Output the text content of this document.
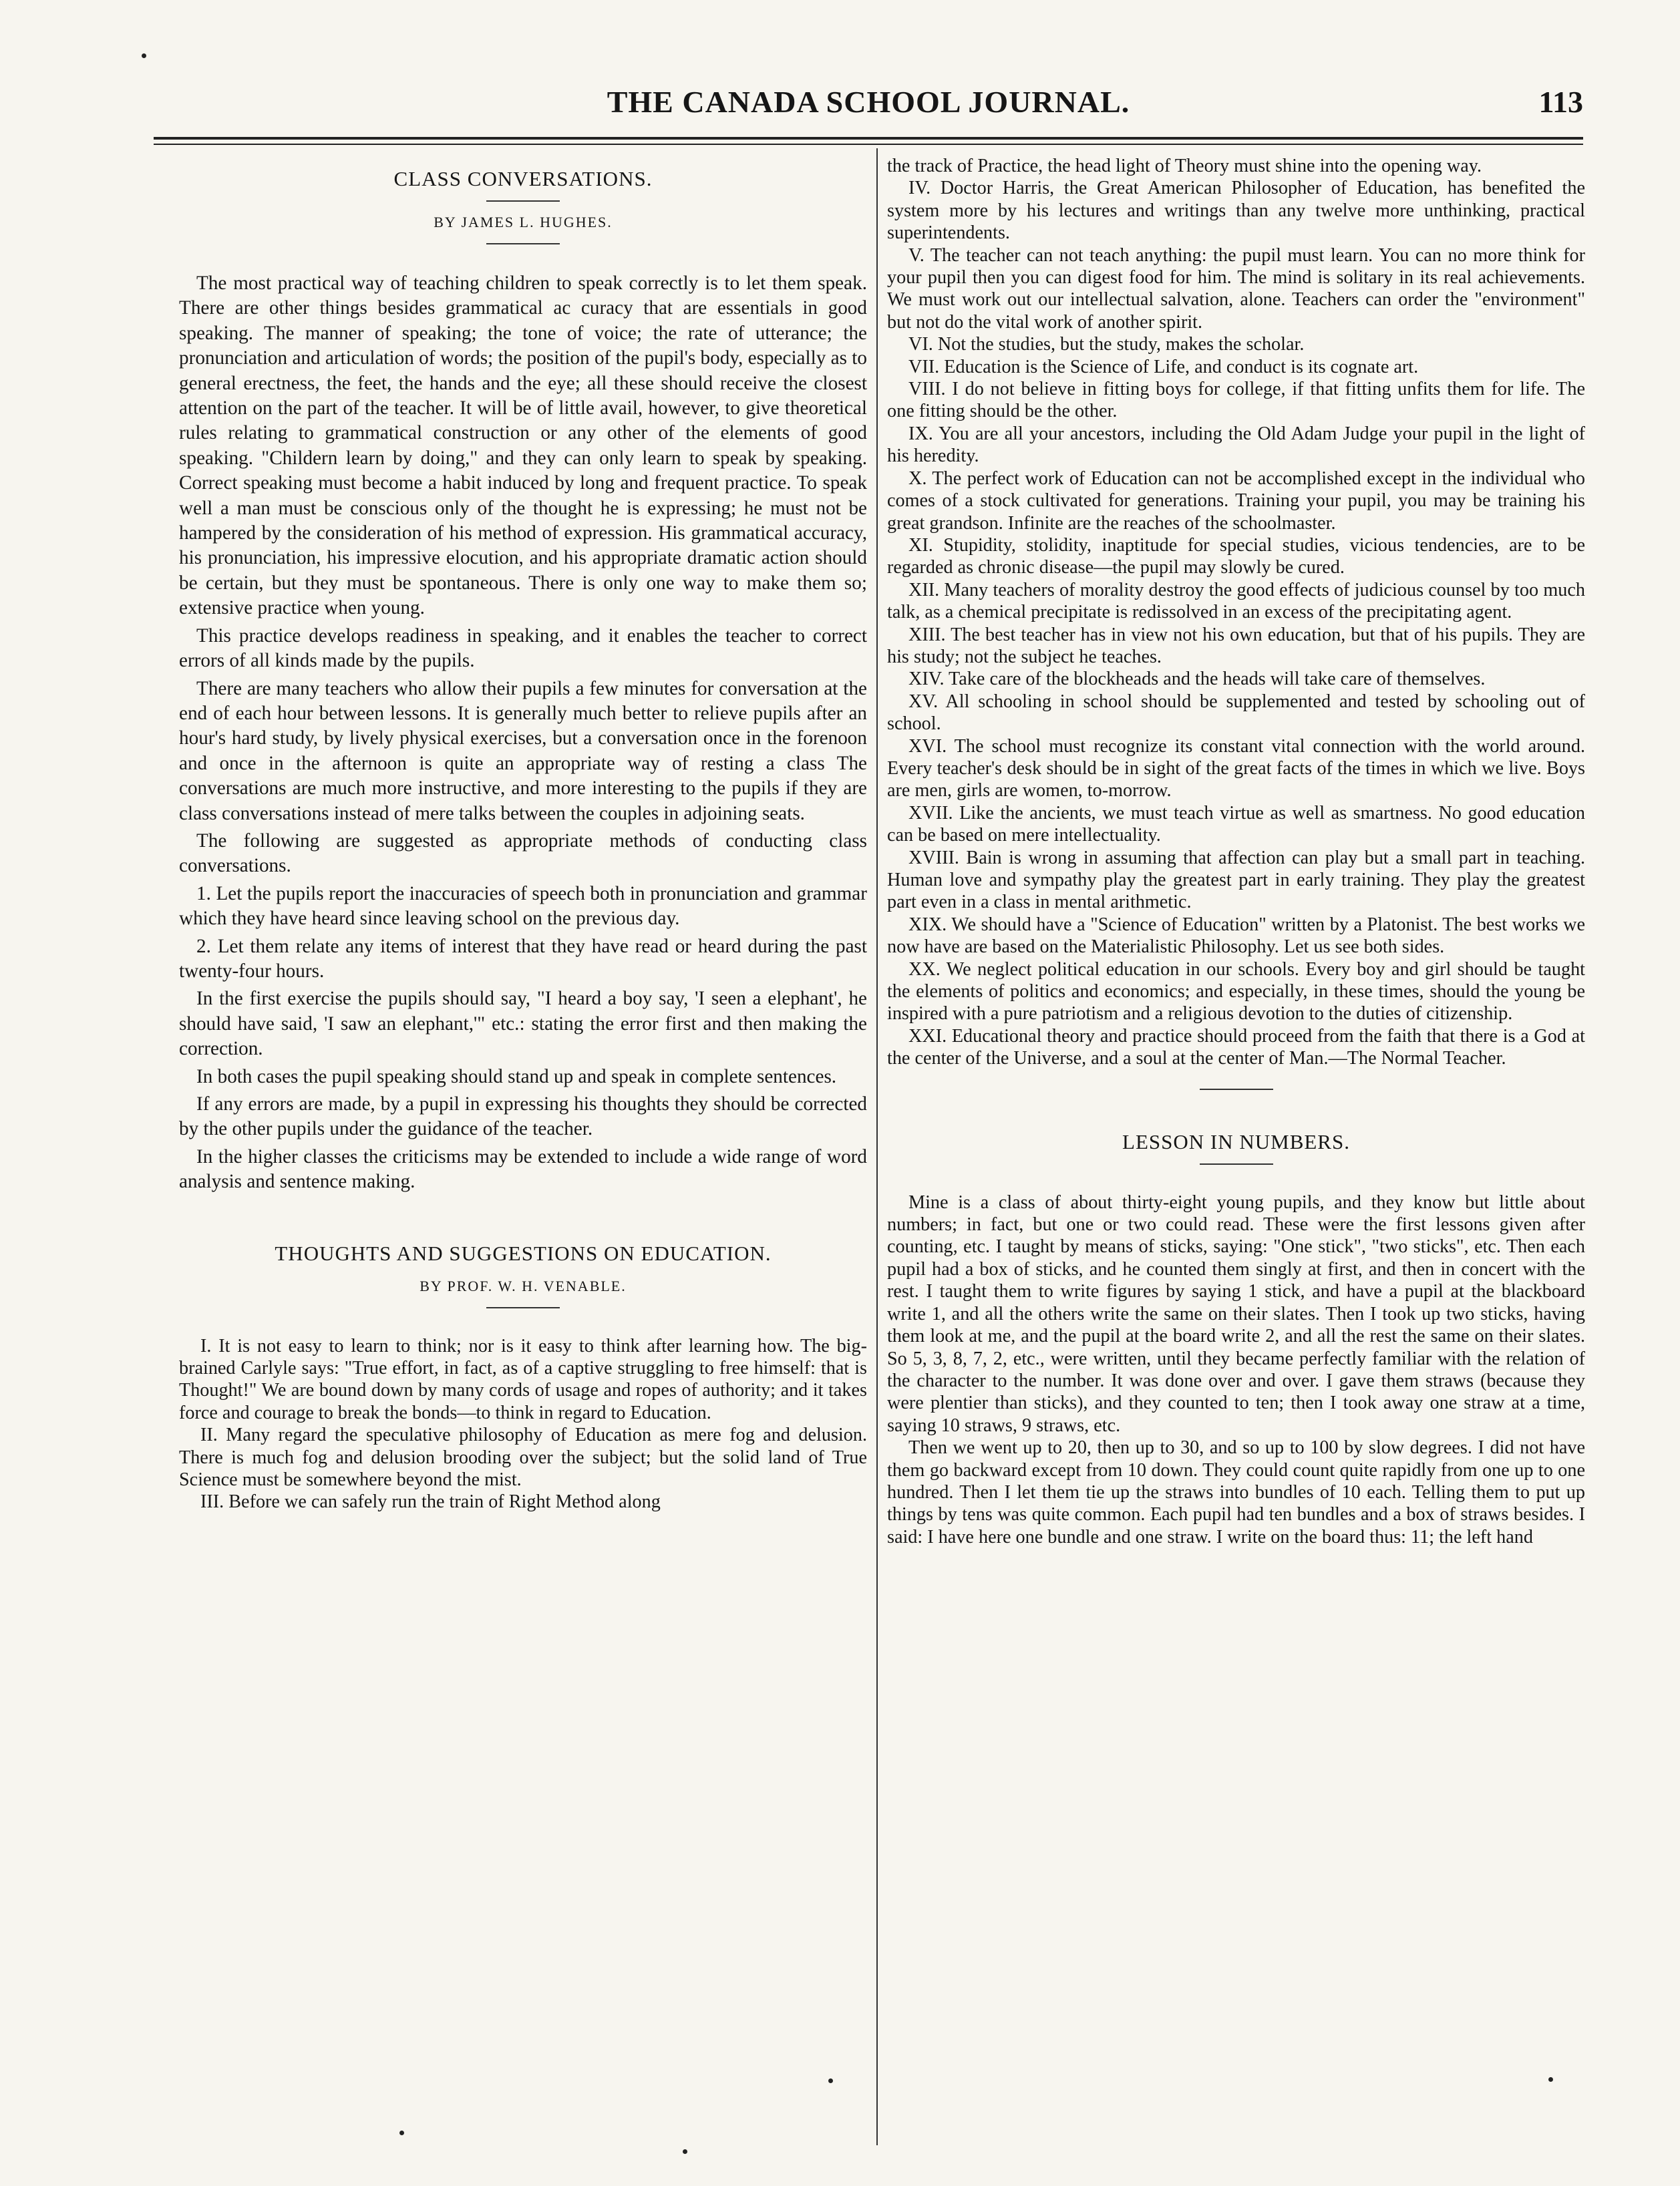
THE CANADA SCHOOL JOURNAL.	113
CLASS CONVERSATIONS.
BY JAMES L. HUGHES.

The most practical way of teaching children to speak correctly is to let them speak. There are other things besides grammatical ac curacy that are essentials in good speaking. The manner of speaking; the tone of voice; the rate of utterance; the pronunciation and articulation of words; the position of the pupil's body, especially as to general erectness, the feet, the hands and the eye; all these should receive the closest attention on the part of the teacher. It will be of little avail, however, to give theoretical rules relating to grammatical construction or any other of the elements of good speaking. "Childern learn by doing," and they can only learn to speak by speaking. Correct speaking must become a habit induced by long and frequent practice. To speak well a man must be conscious only of the thought he is expressing; he must not be hampered by the consideration of his method of expression. His grammatical accuracy, his pronunciation, his impressive elocution, and his appropriate dramatic action should be certain, but they must be spontaneous. There is only one way to make them so; extensive practice when young.

This practice develops readiness in speaking, and it enables the teacher to correct errors of all kinds made by the pupils.

There are many teachers who allow their pupils a few minutes for conversation at the end of each hour between lessons. It is generally much better to relieve pupils after an hour's hard study, by lively physical exercises, but a conversation once in the forenoon and once in the afternoon is quite an appropriate way of resting a class The conversations are much more instructive, and more interesting to the pupils if they are class conversations instead of mere talks between the couples in adjoining seats.

The following are suggested as appropriate methods of conducting class conversations.

1. Let the pupils report the inaccuracies of speech both in pronunciation and grammar which they have heard since leaving school on the previous day.

2. Let them relate any items of interest that they have read or heard during the past twenty-four hours.

In the first exercise the pupils should say, "I heard a boy say, 'I seen a elephant', he should have said, 'I saw an elephant,'" etc.: stating the error first and then making the correction.

In both cases the pupil speaking should stand up and speak in complete sentences.

If any errors are made, by a pupil in expressing his thoughts they should be corrected by the other pupils under the guidance of the teacher.

In the higher classes the criticisms may be extended to include a wide range of word analysis and sentence making.

THOUGHTS AND SUGGESTIONS ON EDUCATION.
BY PROF. W. H. VENABLE.

I. It is not easy to learn to think; nor is it easy to think after learning how. The big-brained Carlyle says: "True effort, in fact, as of a captive struggling to free himself: that is Thought!" We are bound down by many cords of usage and ropes of authority; and it takes force and courage to break the bonds—to think in regard to Education.

II. Many regard the speculative philosophy of Education as mere fog and delusion. There is much fog and delusion brooding over the subject; but the solid land of True Science must be somewhere beyond the mist.

III. Before we can safely run the train of Right Method along

the track of Practice, the head light of Theory must shine into the opening way.

IV. Doctor Harris, the Great American Philosopher of Education, has benefited the system more by his lectures and writings than any twelve more unthinking, practical superintendents.

V. The teacher can not teach anything: the pupil must learn. You can no more think for your pupil then you can digest food for him. The mind is solitary in its real achievements. We must work out our intellectual salvation, alone. Teachers can order the "environment" but not do the vital work of another spirit.

VI. Not the studies, but the study, makes the scholar.

VII. Education is the Science of Life, and conduct is its cognate art.

VIII. I do not believe in fitting boys for college, if that fitting unfits them for life. The one fitting should be the other.

IX. You are all your ancestors, including the Old Adam Judge your pupil in the light of his heredity.

X. The perfect work of Education can not be accomplished except in the individual who comes of a stock cultivated for generations. Training your pupil, you may be training his great grandson. Infinite are the reaches of the schoolmaster.

XI. Stupidity, stolidity, inaptitude for special studies, vicious tendencies, are to be regarded as chronic disease—the pupil may slowly be cured.

XII. Many teachers of morality destroy the good effects of judicious counsel by too much talk, as a chemical precipitate is redissolved in an excess of the precipitating agent.

XIII. The best teacher has in view not his own education, but that of his pupils. They are his study; not the subject he teaches.

XIV. Take care of the blockheads and the heads will take care of themselves.

XV. All schooling in school should be supplemented and tested by schooling out of school.

XVI. The school must recognize its constant vital connection with the world around. Every teacher's desk should be in sight of the great facts of the times in which we live. Boys are men, girls are women, to-morrow.

XVII. Like the ancients, we must teach virtue as well as smartness. No good education can be based on mere intellectuality.

XVIII. Bain is wrong in assuming that affection can play but a small part in teaching. Human love and sympathy play the greatest part in early training. They play the greatest part even in a class in mental arithmetic.

XIX. We should have a "Science of Education" written by a Platonist. The best works we now have are based on the Materialistic Philosophy. Let us see both sides.

XX. We neglect political education in our schools. Every boy and girl should be taught the elements of politics and economics; and especially, in these times, should the young be inspired with a pure patriotism and a religious devotion to the duties of citizenship.

XXI. Educational theory and practice should proceed from the faith that there is a God at the center of the Universe, and a soul at the center of Man.—The Normal Teacher.

LESSON IN NUMBERS.

Mine is a class of about thirty-eight young pupils, and they know but little about numbers; in fact, but one or two could read. These were the first lessons given after counting, etc. I taught by means of sticks, saying: "One stick", "two sticks", etc. Then each pupil had a box of sticks, and he counted them singly at first, and then in concert with the rest. I taught them to write figures by saying 1 stick, and have a pupil at the blackboard write 1, and all the others write the same on their slates. Then I took up two sticks, having them look at me, and the pupil at the board write 2, and all the rest the same on their slates. So 5, 3, 8, 7, 2, etc., were written, until they became perfectly familiar with the relation of the character to the number. It was done over and over. I gave them straws (because they were plentier than sticks), and they counted to ten; then I took away one straw at a time, saying 10 straws, 9 straws, etc.

Then we went up to 20, then up to 30, and so up to 100 by slow degrees. I did not have them go backward except from 10 down. They could count quite rapidly from one up to one hundred. Then I let them tie up the straws into bundles of 10 each. Telling them to put up things by tens was quite common. Each pupil had ten bundles and a box of straws besides. I said: I have here one bundle and one straw. I write on the board thus: 11; the left hand
